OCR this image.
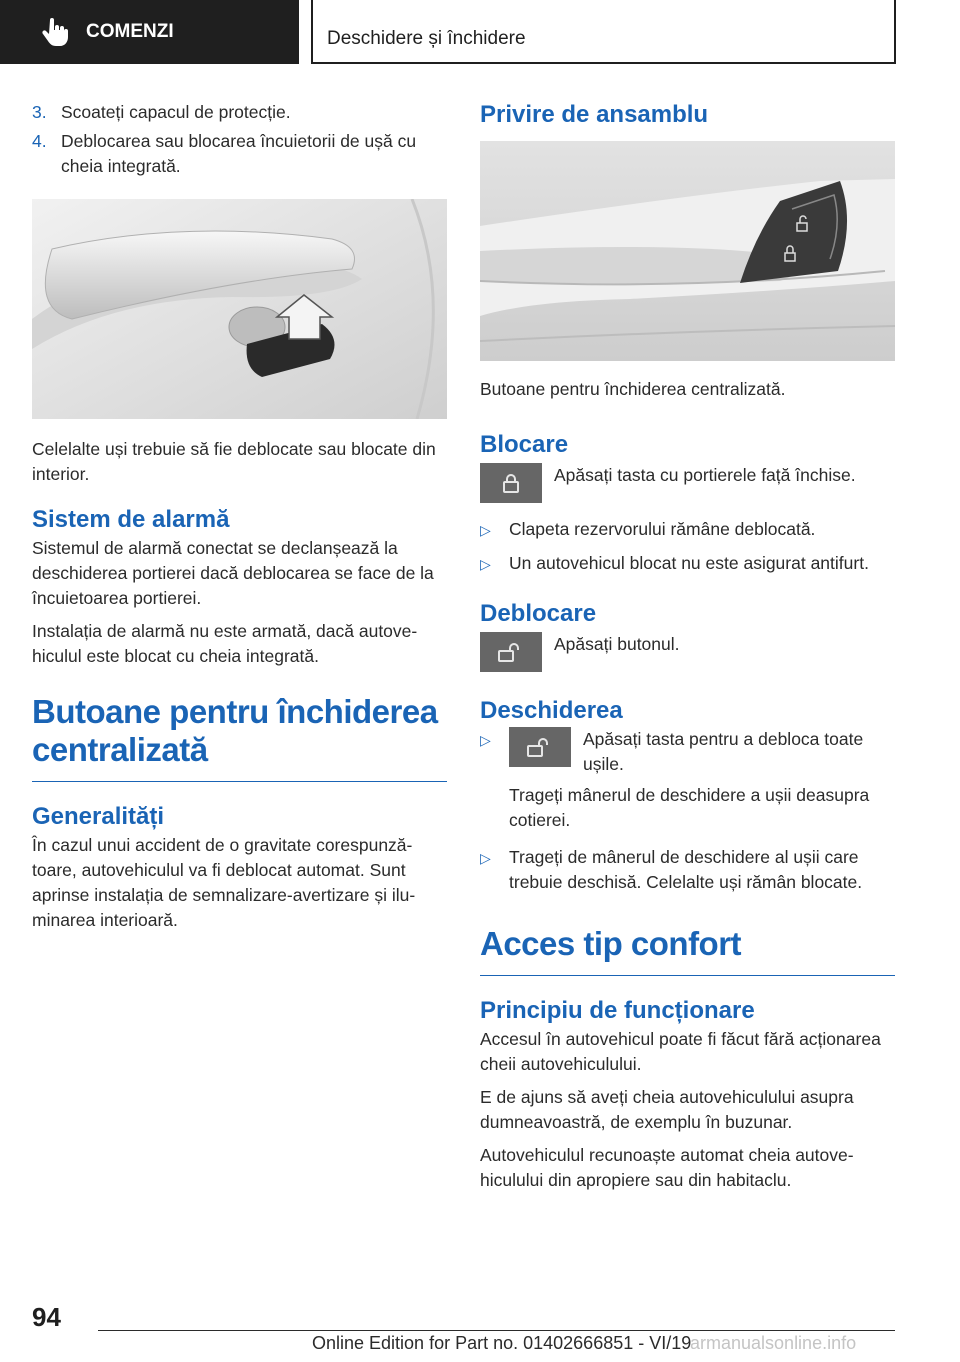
COMENZI	Deschidere și închidere
3. Scoateți capacul de protecție.
4. Deblocarea sau blocarea încuietorii de ușă cu cheia integrată.

Celelalte uși trebuie să fie deblocate sau blocate din interior.

Sistem de alarmă

Sistemul de alarmă conectat se declanșează la deschiderea portierei dacă deblocarea se face de la încuietoarea portierei.

Instalația de alarmă nu este armată, dacă autovehiculul este blocat cu cheia integrată.

Butoane pentru închiderea centralizată
Generalități

În cazul unui accident de o gravitate corespunzătoare, autovehiculul va fi deblocat automat. Sunt aprinse instalația de semnalizare-avertizare și iluminarea interioară.

Privire de ansamblu

Butoane pentru închiderea centralizată.

Blocare
Apăsați tasta cu portierele față închise.
▷	Clapeta rezervorului rămâne deblocată.
▷	Un autovehicul blocat nu este asigurat antifurt.
Deblocare
Apăsați butonul.
Deschiderea
▷	Apăsați tasta pentru a debloca toate ușile.

Trageți mânerul de deschidere a ușii deasupra cotierei.

▷	Trageți de mânerul de deschidere al ușii care trebuie deschisă. Celelalte uși rămân blocate.
Acces tip confort
Principiu de funcționare

Accesul în autovehicul poate fi făcut fără acționarea cheii autovehiculului.

E de ajuns să aveți cheia autovehiculului asupra dumneavoastră, de exemplu în buzunar.

Autovehiculul recunoaște automat cheia autovehiculului din apropiere sau din habitaclu.

94
Online Edition for Part no. 01402666851 - VI/19
armanualsonline.info
